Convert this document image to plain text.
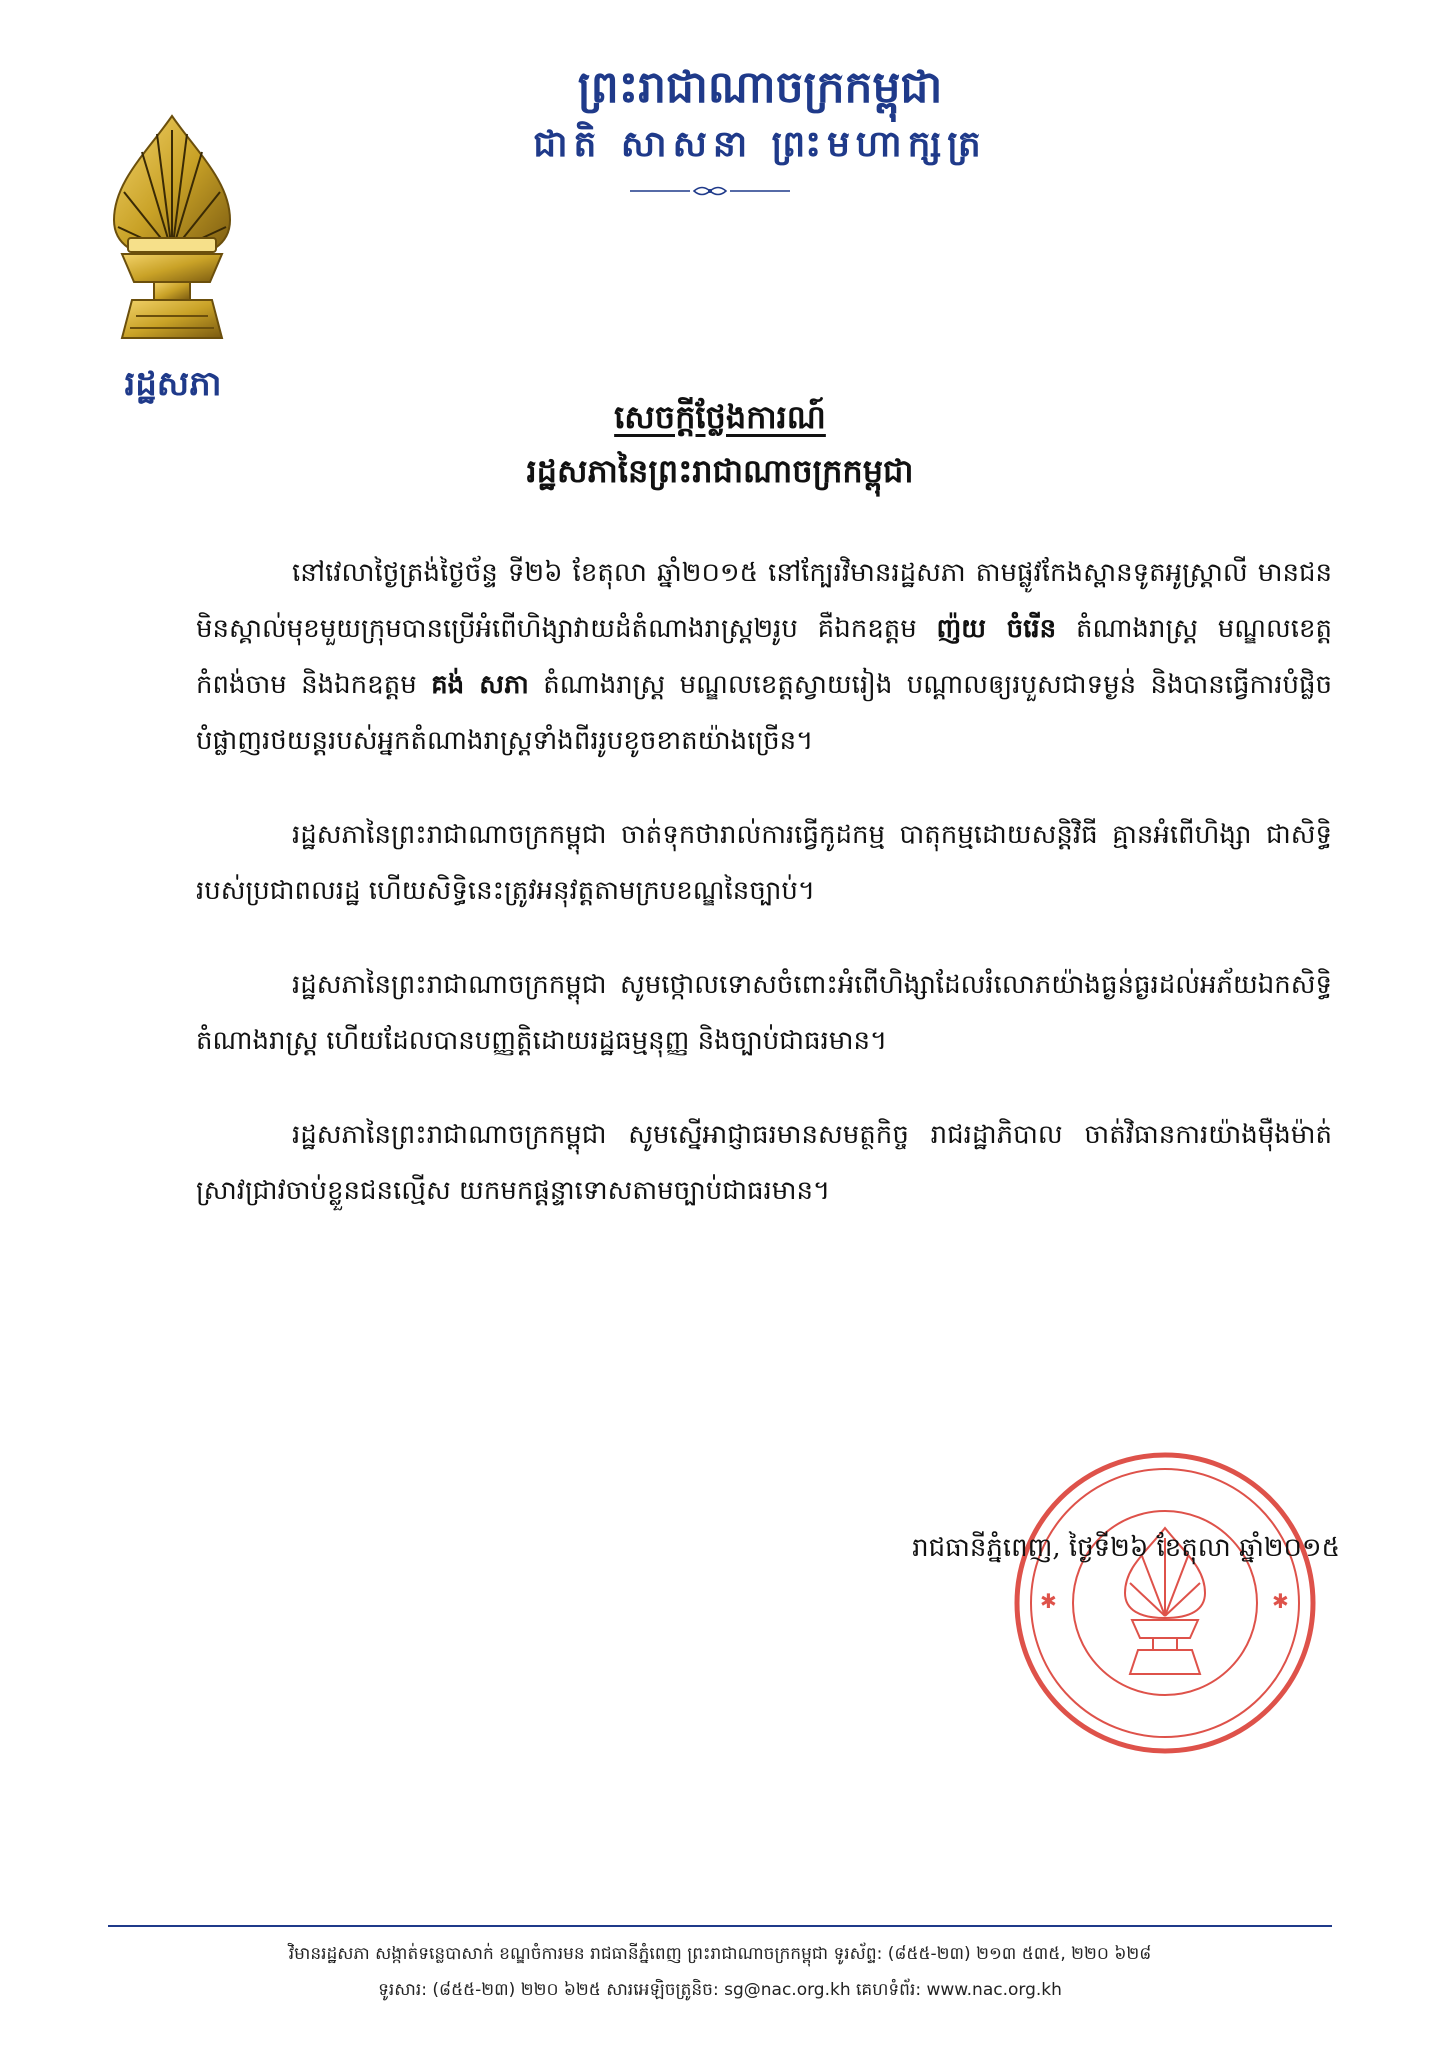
រដ្ឋសភា
ព្រះរាជាណាចក្រកម្ពុជា
ជាតិ សាសនា ព្រះមហាក្សត្រ
សេចក្ដីថ្លែងការណ៍
រដ្ឋសភានៃព្រះរាជាណាចក្រកម្ពុជា

នៅវេលាថ្ងៃត្រង់ថ្ងៃច័ន្ទ ទី២៦ ខែតុលា ឆ្នាំ២០១៥ នៅក្បែរវិមានរដ្ឋសភា តាមផ្លូវកែងស្ពានទូតអូស្ត្រាលី មានជនមិនស្គាល់មុខមួយក្រុមបានប្រើអំពើហិង្សាវាយដំតំណាងរាស្ត្រ២រូប គឺឯកឧត្តម ញ៉យ ចំរើន តំណាងរាស្ត្រ មណ្ឌលខេត្តកំពង់ចាម និងឯកឧត្តម គង់ សភា តំណាងរាស្ត្រ មណ្ឌលខេត្តស្វាយរៀង បណ្ដាលឲ្យរបួសជាទម្ងន់ និងបានធ្វើការបំផ្លិចបំផ្លាញរថយន្តរបស់អ្នកតំណាងរាស្ត្រទាំងពីររូបខូចខាតយ៉ាងច្រើន។

រដ្ឋសភានៃព្រះរាជាណាចក្រកម្ពុជា ចាត់ទុកថារាល់ការធ្វើកូដកម្ម បាតុកម្មដោយសន្តិវិធី គ្មានអំពើហិង្សា ជាសិទ្ធិរបស់ប្រជាពលរដ្ឋ ហើយសិទ្ធិនេះត្រូវអនុវត្តតាមក្របខណ្ឌនៃច្បាប់។

រដ្ឋសភានៃព្រះរាជាណាចក្រកម្ពុជា សូមថ្កោលទោសចំពោះអំពើហិង្សាដែលរំលោភយ៉ាងធ្ងន់ធ្ងរដល់អភ័យឯកសិទ្ធិតំណាងរាស្ត្រ ហើយដែលបានបញ្ញត្តិដោយរដ្ឋធម្មនុញ្ញ និងច្បាប់ជាធរមាន។

រដ្ឋសភានៃព្រះរាជាណាចក្រកម្ពុជា សូមស្នើអាជ្ញាធរមានសមត្ថកិច្ច រាជរដ្ឋាភិបាល ចាត់វិធានការយ៉ាងម៉ឺងម៉ាត់ ស្រាវជ្រាវចាប់ខ្លួនជនល្មើស យកមកផ្ដន្ទាទោសតាមច្បាប់ជាធរមាន។

✱	✱
រាជធានីភ្នំពេញ, ថ្ងៃទី២៦ ខែតុលា ឆ្នាំ២០១៥
វិមានរដ្ឋសភា សង្កាត់ទន្លេបាសាក់ ខណ្ឌចំការមន រាជធានីភ្នំពេញ ព្រះរាជាណាចក្រកម្ពុជា ទូរស័ព្ទ: (៨៥៥-២៣) ២១៣ ៥៣៥, ២២០ ៦២៨
ទូរសារ: (៨៥៥-២៣) ២២០ ៦២៥ សារអេឡិចត្រូនិច: sg@nac.org.kh គេហទំព័រ: www.nac.org.kh
